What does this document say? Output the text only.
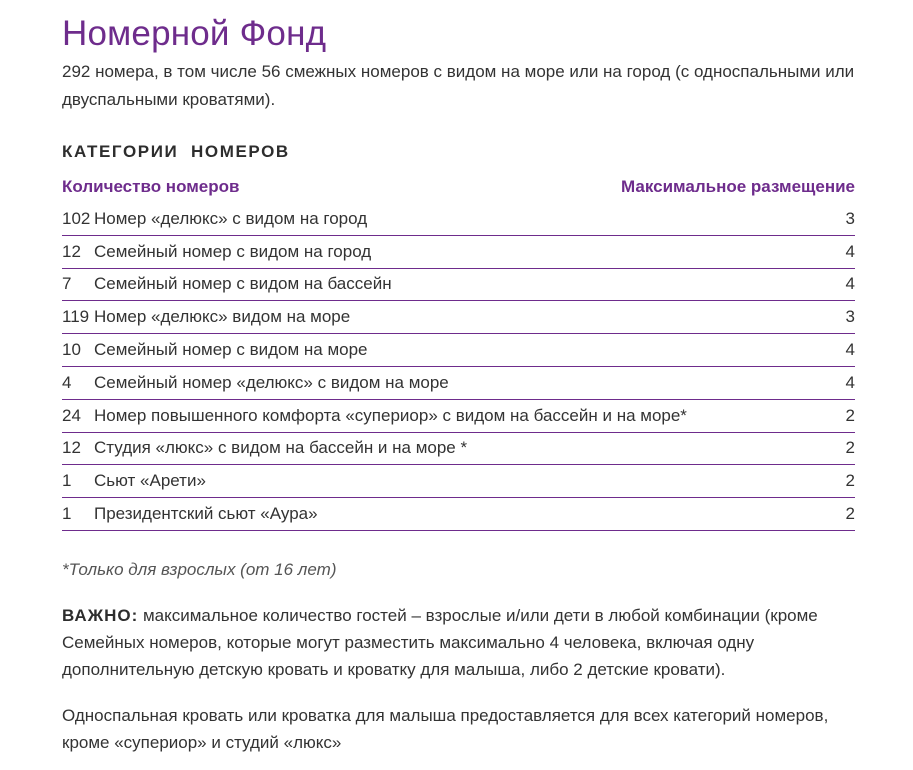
Номерной Фонд
292 номера, в том числе 56 смежных номеров с видом на море или на город (с односпальными или двуспальными кроватями).
КАТЕГОРИИ  НОМЕРОВ
Количество номеров	Максимальное размещение
102 Номер «делюкс» с видом на город	3
12 Семейный номер с видом на город	4
7	Семейный номер с видом на бассейн	4
119 Номер «делюкс» видом на море	3
10 Семейный номер с видом на море	4
4	Семейный номер «делюкс» с видом на море	4
24 Номер повышенного комфорта «супериор» с видом на бассейн и на море*	2
12 Студия «люкс» с видом на бассейн и на море *	2
1	Сьют «Арети»	2
1	Президентский сьют «Аура»	2
*Только для взрослых (от 16 лет)
ВАЖНО: максимальное количество гостей – взрослые и/или дети в любой комбинации (кроме Семейных номеров, которые могут разместить максимально 4 человека, включая одну дополнительную детскую кровать и кроватку для малыша, либо 2 детские кровати).
Односпальная кровать или кроватка для малыша предоставляется для всех категорий номеров, кроме «супериор» и студий «люкс»
